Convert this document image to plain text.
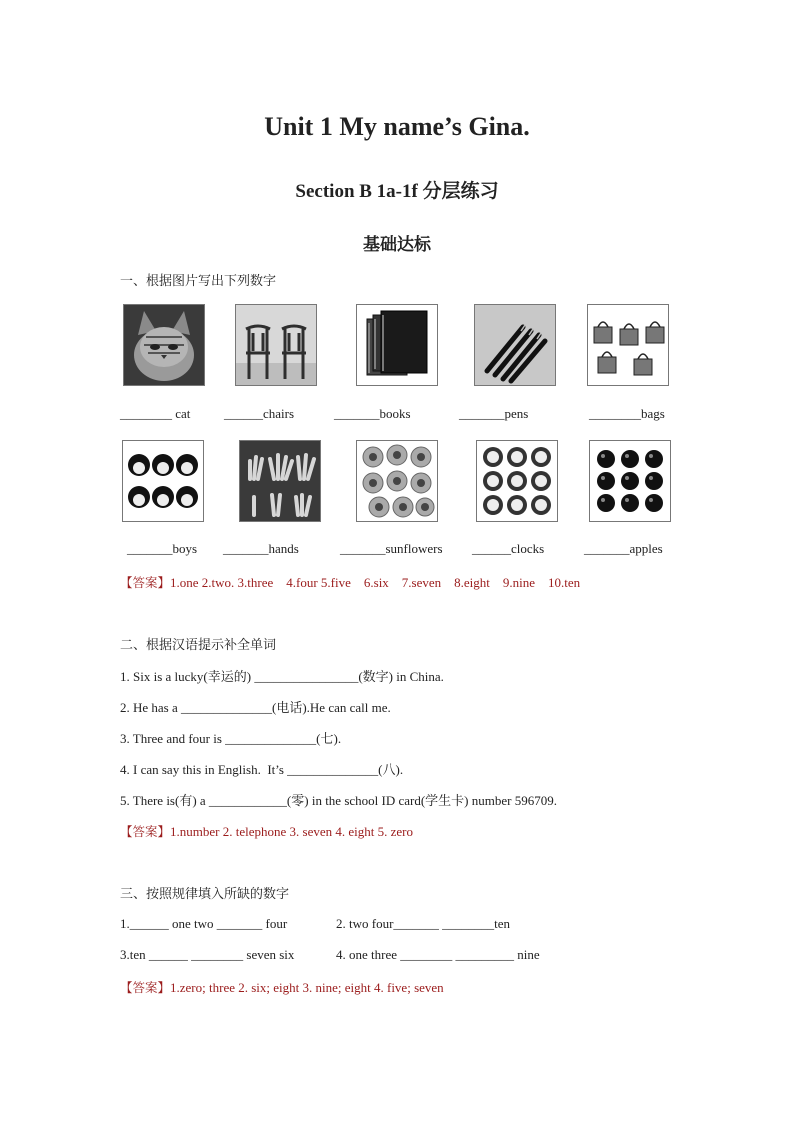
Unit 1 My name’s Gina.
Section B 1a-1f 分层练习
基础达标
一、根据图片写出下列数字
________ cat	______chairs	_______books	_______pens	________bags
_______boys _______hands	_______sunflowers ______clocks	_______apples
【答案】1.one 2.two. 3.three    4.four 5.five    6.six    7.seven    8.eight    9.nine    10.ten
二、根据汉语提示补全单词
1. Six is a lucky(幸运的) ________________(数字) in China.
2. He has a ______________(电话).He can call me.
3. Three and four is ______________(七).
4. I can say this in English.  It’s ______________(八).
5. There is(有) a ____________(零) in the school ID card(学生卡) number 596709.
【答案】1.number 2. telephone 3. seven 4. eight 5. zero
三、按照规律填入所缺的数字
1.______ one two _______ four	2. two four_______ ________ten
3.ten ______ ________ seven six	4. one three ________ _________ nine
【答案】1.zero; three 2. six; eight 3. nine; eight 4. five; seven
